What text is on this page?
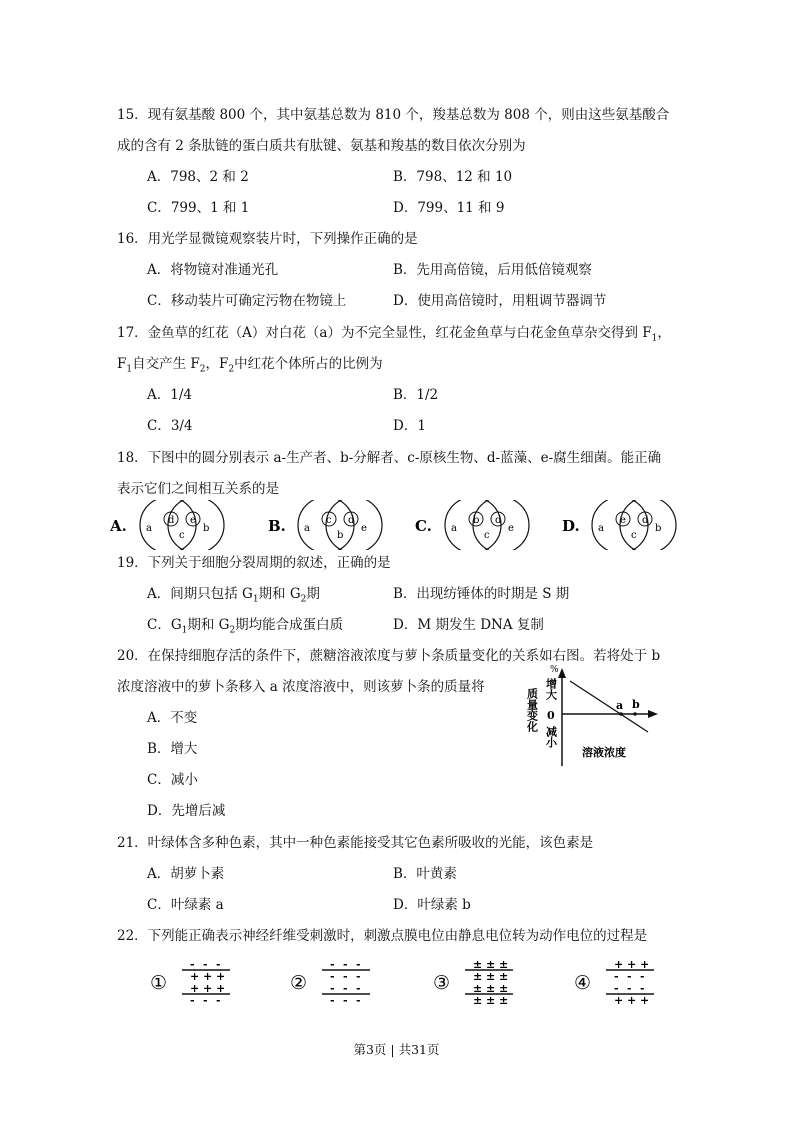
15．现有氨基酸 800 个，其中氨基总数为 810 个，羧基总数为 808 个，则由这些氨基酸合
成的含有 2 条肽链的蛋白质共有肽键、氨基和羧基的数目依次分别为
A．798、2 和 2	B．798、12 和 10
C．799、1 和 1	D．799、11 和 9
16．用光学显微镜观察装片时，下列操作正确的是
A．将物镜对准通光孔	B．先用高倍镜，后用低倍镜观察
C．移动装片可确定污物在物镜上	D．使用高倍镜时，用粗调节器调节
17．金鱼草的红花（A）对白花（a）为不完全显性，红花金鱼草与白花金鱼草杂交得到 $F_1$，
$F_1$自交产生 $F_2$，$F_2$中红花个体所占的比例为
A．1/4	B．1/2
C．3/4	D．1
18．下图中的圆分别表示 a-生产者、b-分解者、c-原核生物、d-蓝藻、e-腐生细菌。能正确
表示它们之间相互关系的是
A. a
d
c
e
b	B. a
c
b
d
e	C. a
b
c
d
e	D. a
e
c
d
b
19．下列关于细胞分裂周期的叙述，正确的是
A．间期只包括 $G_1$期和 $G_2$期	B．出现纺锤体的时期是 S 期
C．$G_1$期和 $G_2$期均能合成蛋白质	D．M 期发生 DNA 复制
20．在保持细胞存活的条件下，蔗糖溶液浓度与萝卜条质量变化的关系如右图。若将处于 b
浓度溶液中的萝卜条移入 a 浓度溶液中，则该萝卜条的质量将
A．不变
B．增大
C．减小
D．先增后减
%
a b
增大
0
减小
质量变化
溶液浓度
21．叶绿体含多种色素，其中一种色素能接受其它色素所吸收的光能，该色素是
A．胡萝卜素	B．叶黄素
C．叶绿素 a	D．叶绿素 b
22．下列能正确表示神经纤维受刺激时，刺激点膜电位由静息电位转为动作电位的过程是
①
-
+
-
+
-
+
+
-
+
-
+
-
②
-
-
-
-
-
-
-
-
-
-
-
-
③
±
±
±
±
±
±
±
±
±
±
±
±
④
+
-
+
-
+
-
-
+
-
+
-
+
第3页 | 共31页
